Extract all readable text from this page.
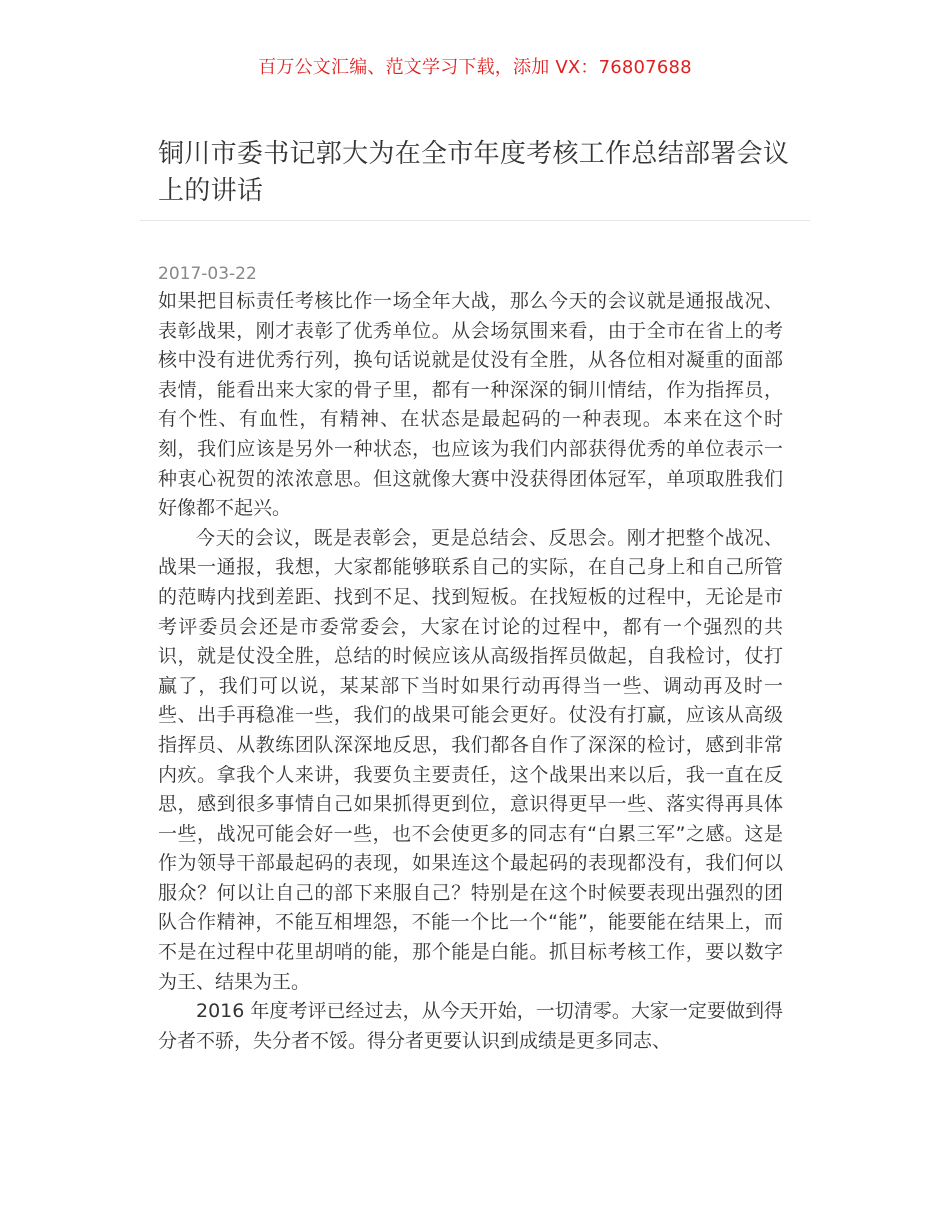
百万公文汇编、范文学习下载，添加 VX：76807688
铜川市委书记郭大为在全市年度考核工作总结部署会议上的讲话
2017-03-22

如果把目标责任考核比作一场全年大战，那么今天的会议就是通报战况、表彰战果，刚才表彰了优秀单位。从会场氛围来看，由于全市在省上的考核中没有进优秀行列，换句话说就是仗没有全胜，从各位相对凝重的面部表情，能看出来大家的骨子里，都有一种深深的铜川情结，作为指挥员，有个性、有血性，有精神、在状态是最起码的一种表现。本来在这个时刻，我们应该是另外一种状态，也应该为我们内部获得优秀的单位表示一种衷心祝贺的浓浓意思。但这就像大赛中没获得团体冠军，单项取胜我们好像都不起兴。

今天的会议，既是表彰会，更是总结会、反思会。刚才把整个战况、战果一通报，我想，大家都能够联系自己的实际，在自己身上和自己所管的范畴内找到差距、找到不足、找到短板。在找短板的过程中，无论是市考评委员会还是市委常委会，大家在讨论的过程中，都有一个强烈的共识，就是仗没全胜，总结的时候应该从高级指挥员做起，自我检讨，仗打赢了，我们可以说，某某部下当时如果行动再得当一些、调动再及时一些、出手再稳准一些，我们的战果可能会更好。仗没有打赢，应该从高级指挥员、从教练团队深深地反思，我们都各自作了深深的检讨，感到非常内疚。拿我个人来讲，我要负主要责任，这个战果出来以后，我一直在反思，感到很多事情自己如果抓得更到位，意识得更早一些、落实得再具体一些，战况可能会好一些，也不会使更多的同志有“白累三军”之感。这是作为领导干部最起码的表现，如果连这个最起码的表现都没有，我们何以服众？何以让自己的部下来服自己？特别是在这个时候要表现出强烈的团队合作精神，不能互相埋怨，不能一个比一个“能”，能要能在结果上，而不是在过程中花里胡哨的能，那个能是白能。抓目标考核工作，要以数字为王、结果为王。

2016 年度考评已经过去，从今天开始，一切清零。大家一定要做到得分者不骄，失分者不馁。得分者更要认识到成绩是更多同志、
